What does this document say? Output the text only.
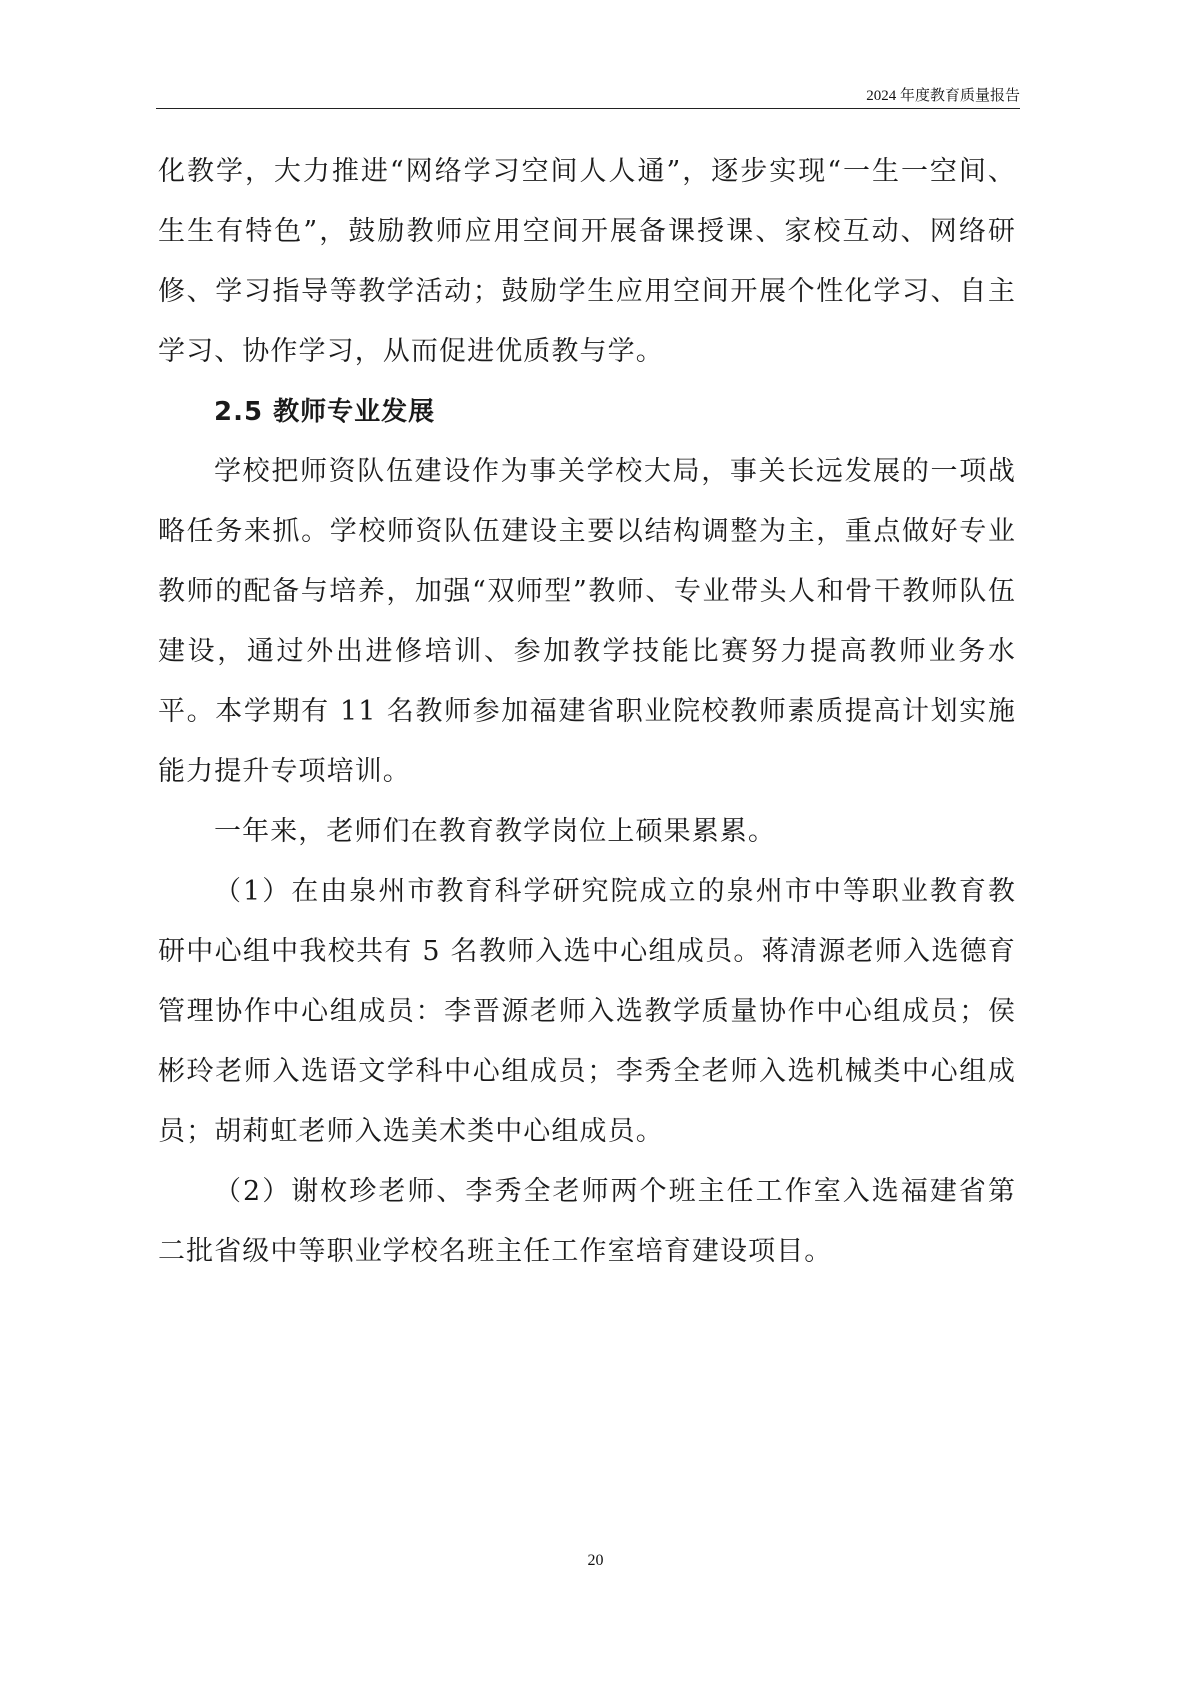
2024 年度教育质量报告

化教学，大力推进“网络学习空间人人通”，逐步实现“一生一空间、生生有特色”，鼓励教师应用空间开展备课授课、家校互动、网络研修、学习指导等教学活动；鼓励学生应用空间开展个性化学习、自主学习、协作学习，从而促进优质教与学。

2.5 教师专业发展

学校把师资队伍建设作为事关学校大局，事关长远发展的一项战略任务来抓。学校师资队伍建设主要以结构调整为主，重点做好专业教师的配备与培养，加强“双师型”教师、专业带头人和骨干教师队伍建设，通过外出进修培训、参加教学技能比赛努力提高教师业务水平。本学期有 11 名教师参加福建省职业院校教师素质提高计划实施能力提升专项培训。

一年来，老师们在教育教学岗位上硕果累累。

（1）在由泉州市教育科学研究院成立的泉州市中等职业教育教研中心组中我校共有 5 名教师入选中心组成员。蒋清源老师入选德育管理协作中心组成员：李晋源老师入选教学质量协作中心组成员；侯彬玲老师入选语文学科中心组成员；李秀全老师入选机械类中心组成员；胡莉虹老师入选美术类中心组成员。

（2）谢枚珍老师、李秀全老师两个班主任工作室入选福建省第二批省级中等职业学校名班主任工作室培育建设项目。

20
